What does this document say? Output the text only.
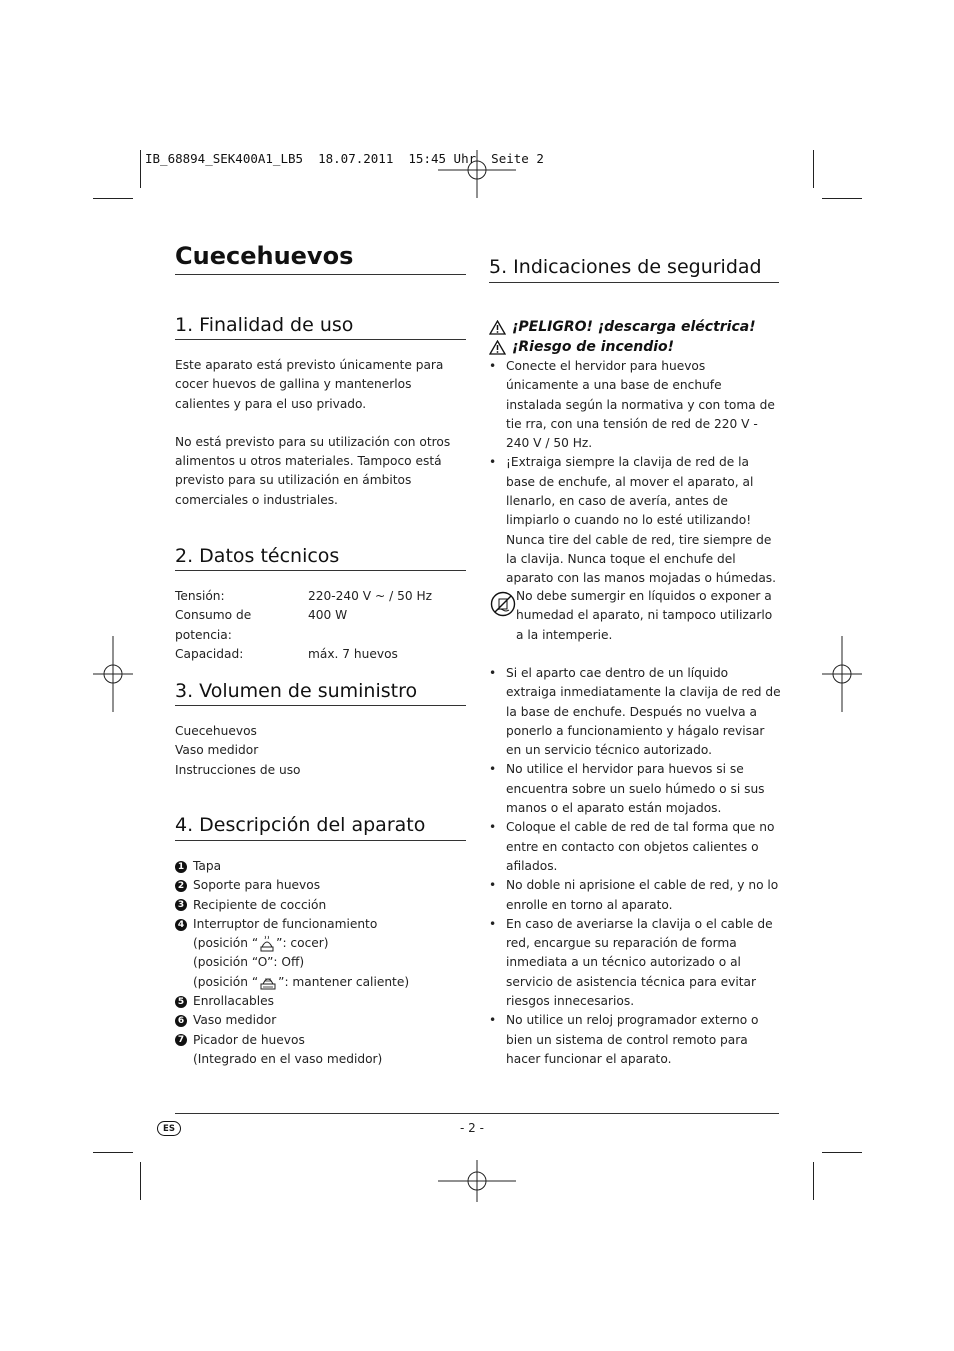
IB_68894_SEK400A1_LB5  18.07.2011  15:45 Uhr  Seite 2
Cuecehuevos
1. Finalidad de uso

Este aparato está previsto únicamente para cocer huevos de gallina y mantenerlos calientes y para el uso privado.

No está previsto para su utilización con otros alimentos u otros materiales. Tampoco está previsto para su utilización en ámbitos comerciales o industriales.

2. Datos técnicos
Tensión:	220-240 V ~ / 50 Hz
Consumo de potencia:
400 W
Capacidad:	máx. 7 huevos
3. Volumen de suministro

Cuecehuevos

Vaso medidor

Instrucciones de uso

4. Descripción del aparato
1 Tapa
2 Soporte para huevos
3 Recipiente de cocción
4 Interruptor de funcionamiento
(posición “ ”: cocer)
(posición “O”: Off)
(posición “ ”: mantener caliente)
5 Enrollacables
6 Vaso medidor
7 Picador de huevos
(Integrado en el vaso medidor)
5. Indicaciones de seguridad
¡PELIGRO! ¡descarga eléctrica!
¡Riesgo de incendio!
• Conecte el hervidor para huevos únicamente a una base de enchufe instalada según la normativa y con toma de tie rra, con una tensión de red de 220 V - 240 V / 50 Hz.
• ¡Extraiga siempre la clavija de red de la base de enchufe, al mover el aparato, al llenarlo, en caso de avería, antes de limpiarlo o cuando no lo esté utilizando! Nunca tire del cable de red, tire siempre de la clavija. Nunca toque el enchufe del aparato con las manos mojadas o húmedas.
No debe sumergir en líquidos o exponer a humedad el aparato, ni tampoco utilizarlo a la intemperie.
• Si el aparto cae dentro de un líquido extraiga inmediatamente la clavija de red de la base de enchufe. Después no vuelva a ponerlo a funcionamiento y hágalo revisar en un servicio técnico autorizado.
• No utilice el hervidor para huevos si se encuentra sobre un suelo húmedo o si sus manos o el aparato están mojados.
• Coloque el cable de red de tal forma que no entre en contacto con objetos calientes o afilados.
• No doble ni aprisione el cable de red, y no lo enrolle en torno al aparato.
• En caso de averiarse la clavija o el cable de red, encargue su reparación de forma inmediata a un técnico autorizado o al servicio de asistencia técnica para evitar riesgos innecesarios.
• No utilice un reloj programador externo o bien un sistema de control remoto para hacer funcionar el aparato.
ES	- 2 -
